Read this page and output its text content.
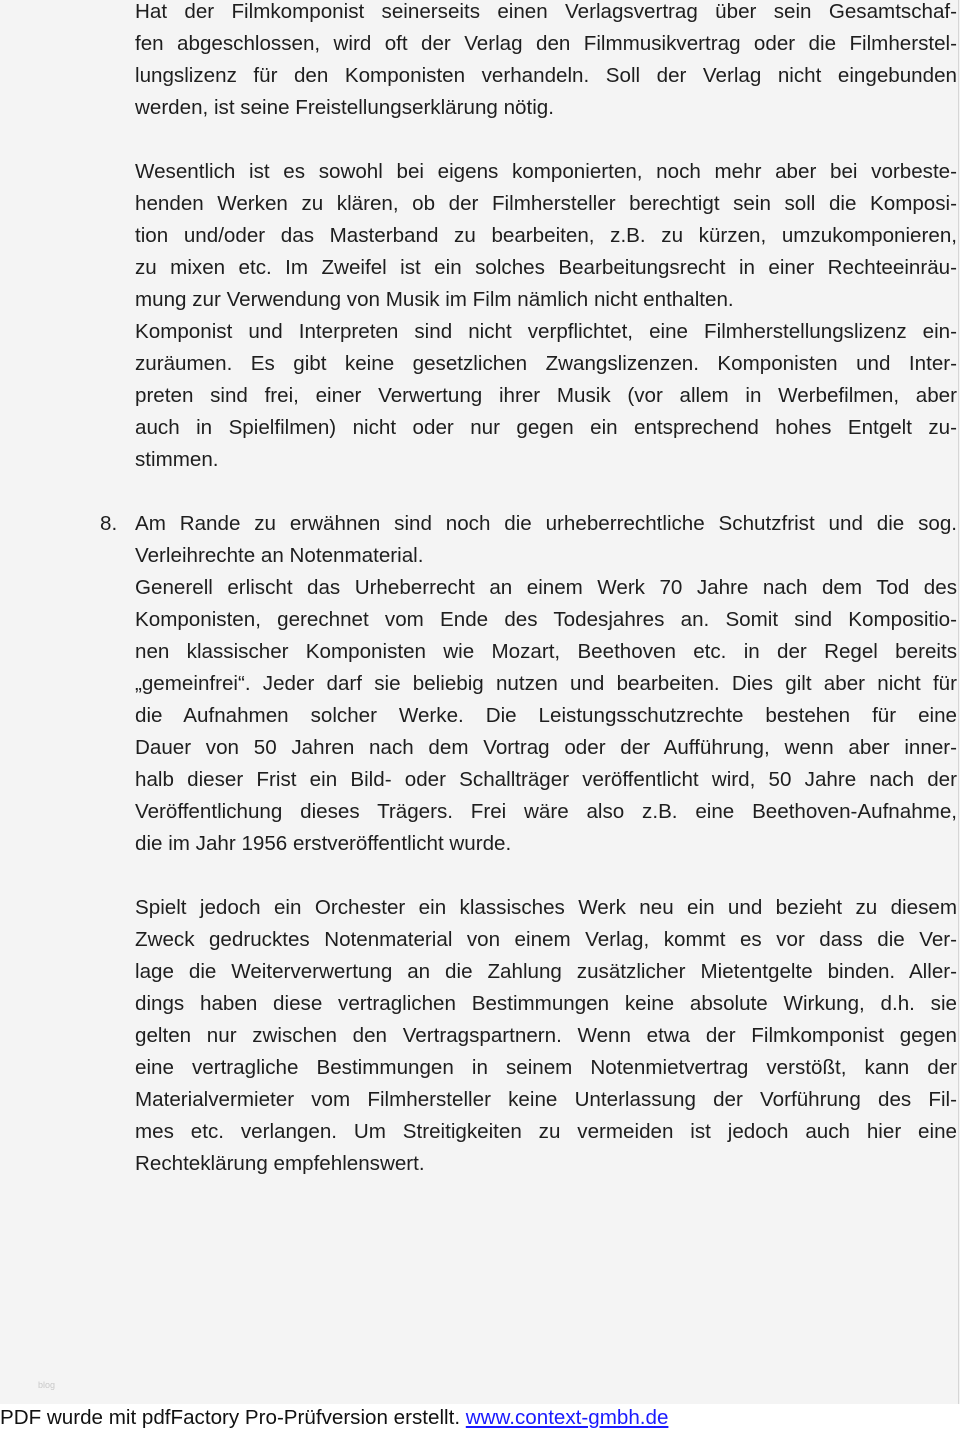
Hat der Filmkomponist seinerseits einen Verlagsvertrag über sein Gesamtschaf-
fen abgeschlossen, wird oft der Verlag den Filmmusikvertrag oder die Filmherstel-
lungslizenz für den Komponisten verhandeln. Soll der Verlag nicht eingebunden
werden, ist seine Freistellungserklärung nötig.
Wesentlich ist es sowohl bei eigens komponierten, noch mehr aber bei vorbeste-
henden Werken zu klären, ob der Filmhersteller berechtigt sein soll die Komposi-
tion und/oder das Masterband zu bearbeiten, z.B. zu kürzen, umzukomponieren,
zu mixen etc. Im Zweifel ist ein solches Bearbeitungsrecht in einer Rechteeinräu-
mung zur Verwendung von Musik im Film nämlich nicht enthalten.
Komponist und Interpreten sind nicht verpflichtet, eine Filmherstellungslizenz ein-
zuräumen. Es gibt keine gesetzlichen Zwangslizenzen. Komponisten und Inter-
preten sind frei, einer Verwertung ihrer Musik (vor allem in Werbefilmen, aber
auch in Spielfilmen) nicht oder nur gegen ein entsprechend hohes Entgelt zu-
stimmen.
8. Am Rande zu erwähnen sind noch die urheberrechtliche Schutzfrist und die sog.
Verleihrechte an Notenmaterial.
Generell erlischt das Urheberrecht an einem Werk 70 Jahre nach dem Tod des
Komponisten, gerechnet vom Ende des Todesjahres an. Somit sind Kompositio-
nen klassischer Komponisten wie Mozart, Beethoven etc. in der Regel bereits
„gemeinfrei“. Jeder darf sie beliebig nutzen und bearbeiten. Dies gilt aber nicht für
die Aufnahmen solcher Werke. Die Leistungsschutzrechte bestehen für eine
Dauer von 50 Jahren nach dem Vortrag oder der Aufführung, wenn aber inner-
halb dieser Frist ein Bild- oder Schallträger veröffentlicht wird, 50 Jahre nach der
Veröffentlichung dieses Trägers. Frei wäre also z.B. eine Beethoven-Aufnahme,
die im Jahr 1956 erstveröffentlicht wurde.
Spielt jedoch ein Orchester ein klassisches Werk neu ein und bezieht zu diesem
Zweck gedrucktes Notenmaterial von einem Verlag, kommt es vor dass die Ver-
lage die Weiterverwertung an die Zahlung zusätzlicher Mietentgelte binden. Aller-
dings haben diese vertraglichen Bestimmungen keine absolute Wirkung, d.h. sie
gelten nur zwischen den Vertragspartnern. Wenn etwa der Filmkomponist gegen
eine vertragliche Bestimmungen in seinem Notenmietvertrag verstößt, kann der
Materialvermieter vom Filmhersteller keine Unterlassung der Vorführung des Fil-
mes etc. verlangen. Um Streitigkeiten zu vermeiden ist jedoch auch hier eine
Rechteklärung empfehlenswert.
blog
PDF wurde mit pdfFactory Pro-Prüfversion erstellt. www.context-gmbh.de
